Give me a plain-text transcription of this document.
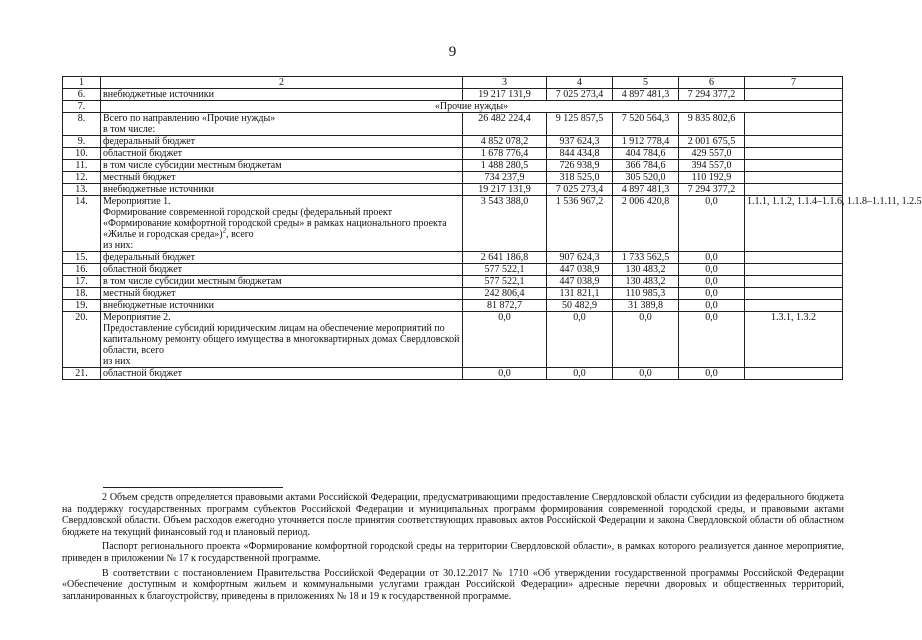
9
1	2	3	4	5	6	7
6.	внебюджетные источники	19 217 131,9	7 025 273,4	4 897 481,3	7 294 377,2	
7.	«Прочие нужды»					
8.	Всего по направлению «Прочие нужды»
в том числе:	26 482 224,4	9 125 857,5	7 520 564,3	9 835 802,6	
9.	федеральный бюджет	4 852 078,2	937 624,3	1 912 778,4	2 001 675,5	
10.	областной бюджет	1 678 776,4	844 434,8	404 784,6	429 557,0	
11.	в том числе субсидии местным бюджетам	1 488 280,5	726 938,9	366 784,6	394 557,0	
12.	местный бюджет	734 237,9	318 525,0	305 520,0	110 192,9	
13.	внебюджетные источники	19 217 131,9	7 025 273,4	4 897 481,3	7 294 377,2	
14.	Мероприятие 1.
Формирование современной городской среды (федеральный проект «Формирование комфортной городской среды» в рамках национального проекта «Жилье и городская среда»)$^2$, всего
из них:	3 543 388,0	1 536 967,2	2 006 420,8	0,0	1.1.1, 1.1.2, 1.1.4–1.1.6, 1.1.8–1.1.11, 1.2.5
15.	федеральный бюджет	2 641 186,8	907 624,3	1 733 562,5	0,0	
16.	областной бюджет	577 522,1	447 038,9	130 483,2	0,0	
17.	в том числе субсидии местным бюджетам	577 522,1	447 038,9	130 483,2	0,0	
18.	местный бюджет	242 806,4	131 821,1	110 985,3	0,0	
19.	внебюджетные источники	81 872,7	50 482,9	31 389,8	0,0	
20.	Мероприятие 2.
Предоставление субсидий юридическим лицам на обеспечение мероприятий по капитальному ремонту общего имущества в многоквартирных домах Свердловской области, всего
из них	0,0	0,0	0,0	0,0	1.3.1, 1.3.2
21.	областной бюджет	0,0	0,0	0,0	0,0	

2 Объем средств определяется правовыми актами Российской Федерации, предусматривающими предоставление Свердловской области субсидии из федерального бюджета на поддержку государственных программ субъектов Российской Федерации и муниципальных программ формирования современной городской среды, и правовыми актами Свердловской области. Объем расходов ежегодно уточняется после принятия соответствующих правовых актов Российской Федерации и закона Свердловской области об областном бюджете на текущий финансовый год и плановый период.

Паспорт регионального проекта «Формирование комфортной городской среды на территории Свердловской области», в рамках которого реализуется данное мероприятие, приведен в приложении № 17 к государственной программе.

В соответствии с постановлением Правительства Российской Федерации от 30.12.2017 № 1710 «Об утверждении государственной программы Российской Федерации «Обеспечение доступным и комфортным жильем и коммунальными услугами граждан Российской Федерации» адресные перечни дворовых и общественных территорий, запланированных к благоустройству, приведены в приложениях № 18 и 19 к государственной программе.
